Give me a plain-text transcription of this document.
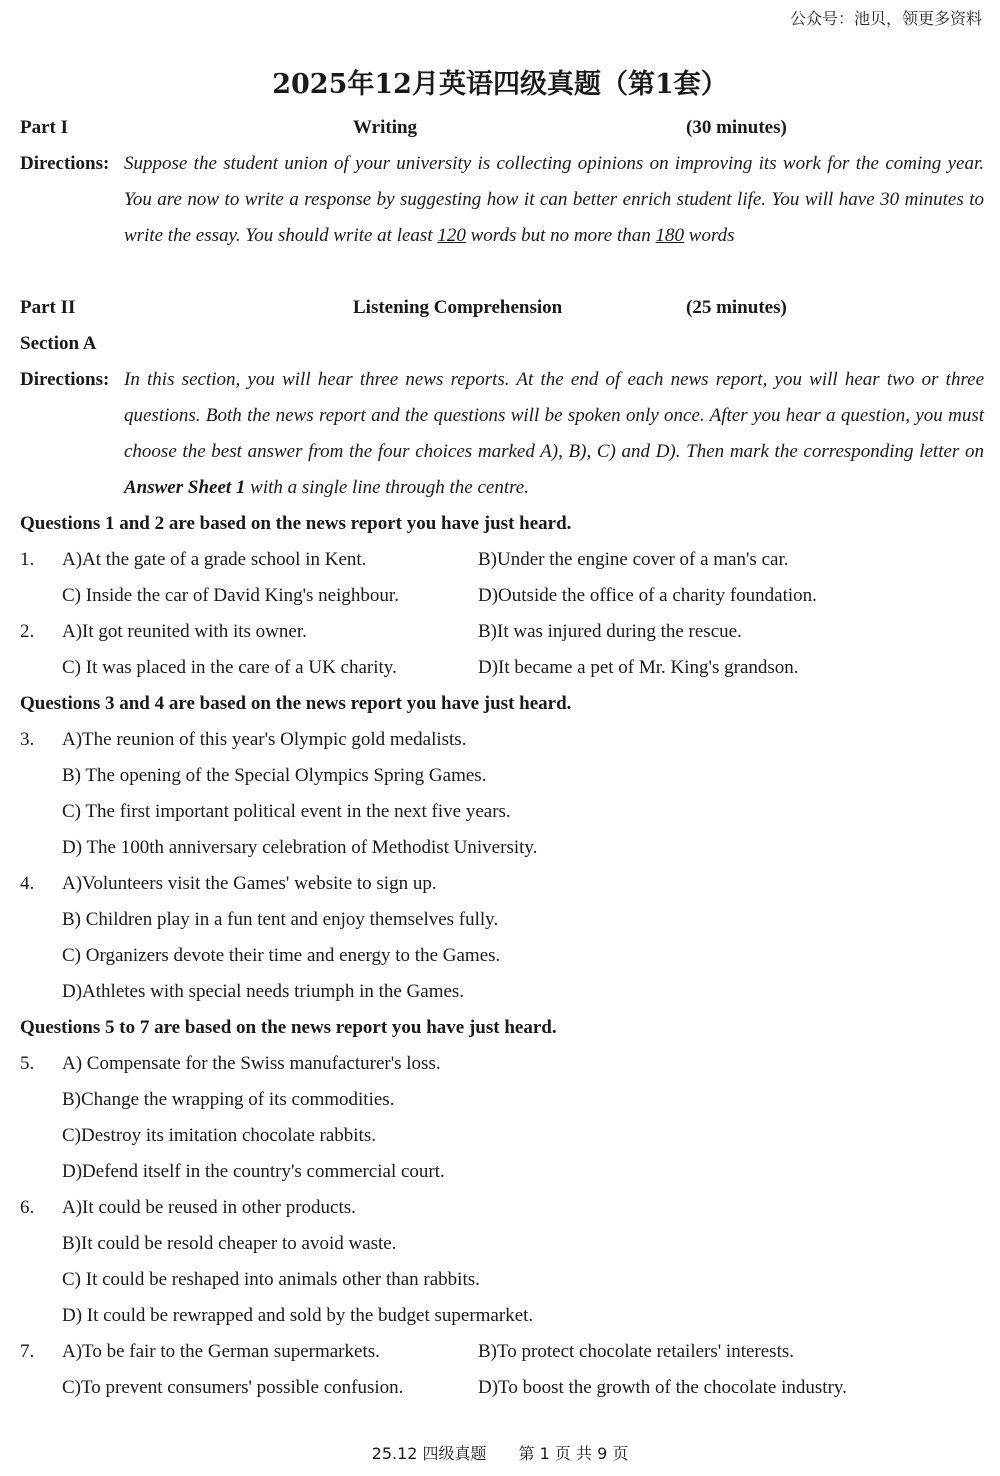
公众号：池贝，领更多资料
2025年12月英语四级真题（第1套）
Part I	Writing	(30 minutes)
Directions: Suppose the student union of your university is collecting opinions on improving its work for the coming year. You are now to write a response by suggesting how it can better enrich student life. You will have 30 minutes to write the essay. You should write at least 120 words but no more than 180 words
Part II	Listening Comprehension	(25 minutes)
Section A
Directions: In this section, you will hear three news reports. At the end of each news report, you will hear two or three questions. Both the news report and the questions will be spoken only once. After you hear a question, you must choose the best answer from the four choices marked A), B), C) and D). Then mark the corresponding letter on Answer Sheet 1 with a single line through the centre.
Questions 1 and 2 are based on the news report you have just heard.
1. A)At the gate of a grade school in Kent.	B)Under the engine cover of a man's car.
C) Inside the car of David King's neighbour.	D)Outside the office of a charity foundation.
2. A)It got reunited with its owner.	B)It was injured during the rescue.
C) It was placed in the care of a UK charity.	D)It became a pet of Mr. King's grandson.
Questions 3 and 4 are based on the news report you have just heard.
3. A)The reunion of this year's Olympic gold medalists.
B) The opening of the Special Olympics Spring Games.
C) The first important political event in the next five years.
D) The 100th anniversary celebration of Methodist University.
4. A)Volunteers visit the Games' website to sign up.
B) Children play in a fun tent and enjoy themselves fully.
C) Organizers devote their time and energy to the Games.
D)Athletes with special needs triumph in the Games.
Questions 5 to 7 are based on the news report you have just heard.
5. A) Compensate for the Swiss manufacturer's loss.
B)Change the wrapping of its commodities.
C)Destroy its imitation chocolate rabbits.
D)Defend itself in the country's commercial court.
6. A)It could be reused in other products.
B)It could be resold cheaper to avoid waste.
C) It could be reshaped into animals other than rabbits.
D) It could be rewrapped and sold by the budget supermarket.
7. A)To be fair to the German supermarkets.	B)To protect chocolate retailers' interests.
C)To prevent consumers' possible confusion.	D)To boost the growth of the chocolate industry.
25.12 四级真题　　第 1 页 共 9 页
